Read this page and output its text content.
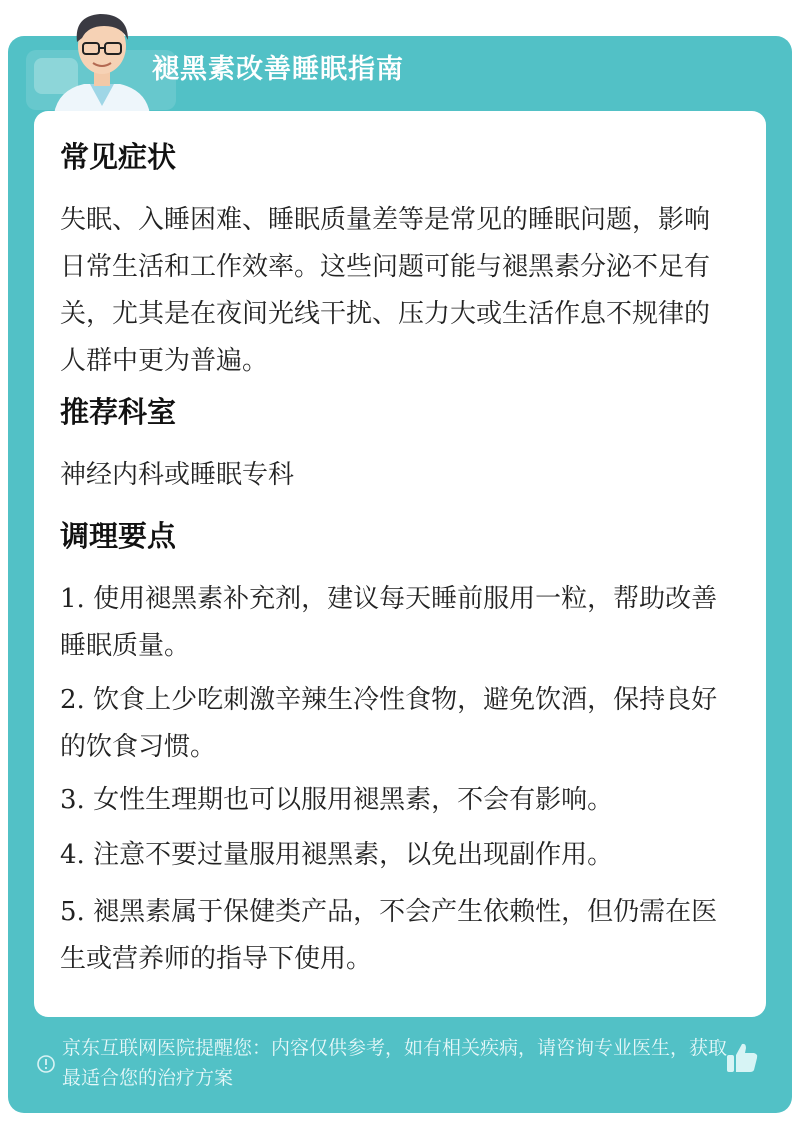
褪黑素改善睡眠指南
常见症状
失眠、入睡困难、睡眠质量差等是常见的睡眠问题，影响日常生活和工作效率。这些问题可能与褪黑素分泌不足有关，尤其是在夜间光线干扰、压力大或生活作息不规律的人群中更为普遍。
推荐科室
神经内科或睡眠专科
调理要点
1. 使用褪黑素补充剂，建议每天睡前服用一粒，帮助改善睡眠质量。
2. 饮食上少吃刺激辛辣生冷性食物，避免饮酒，保持良好的饮食习惯。
3. 女性生理期也可以服用褪黑素，不会有影响。
4. 注意不要过量服用褪黑素，以免出现副作用。
5. 褪黑素属于保健类产品，不会产生依赖性，但仍需在医生或营养师的指导下使用。
京东互联网医院提醒您：内容仅供参考，如有相关疾病，请咨询专业医生，获取最适合您的治疗方案
